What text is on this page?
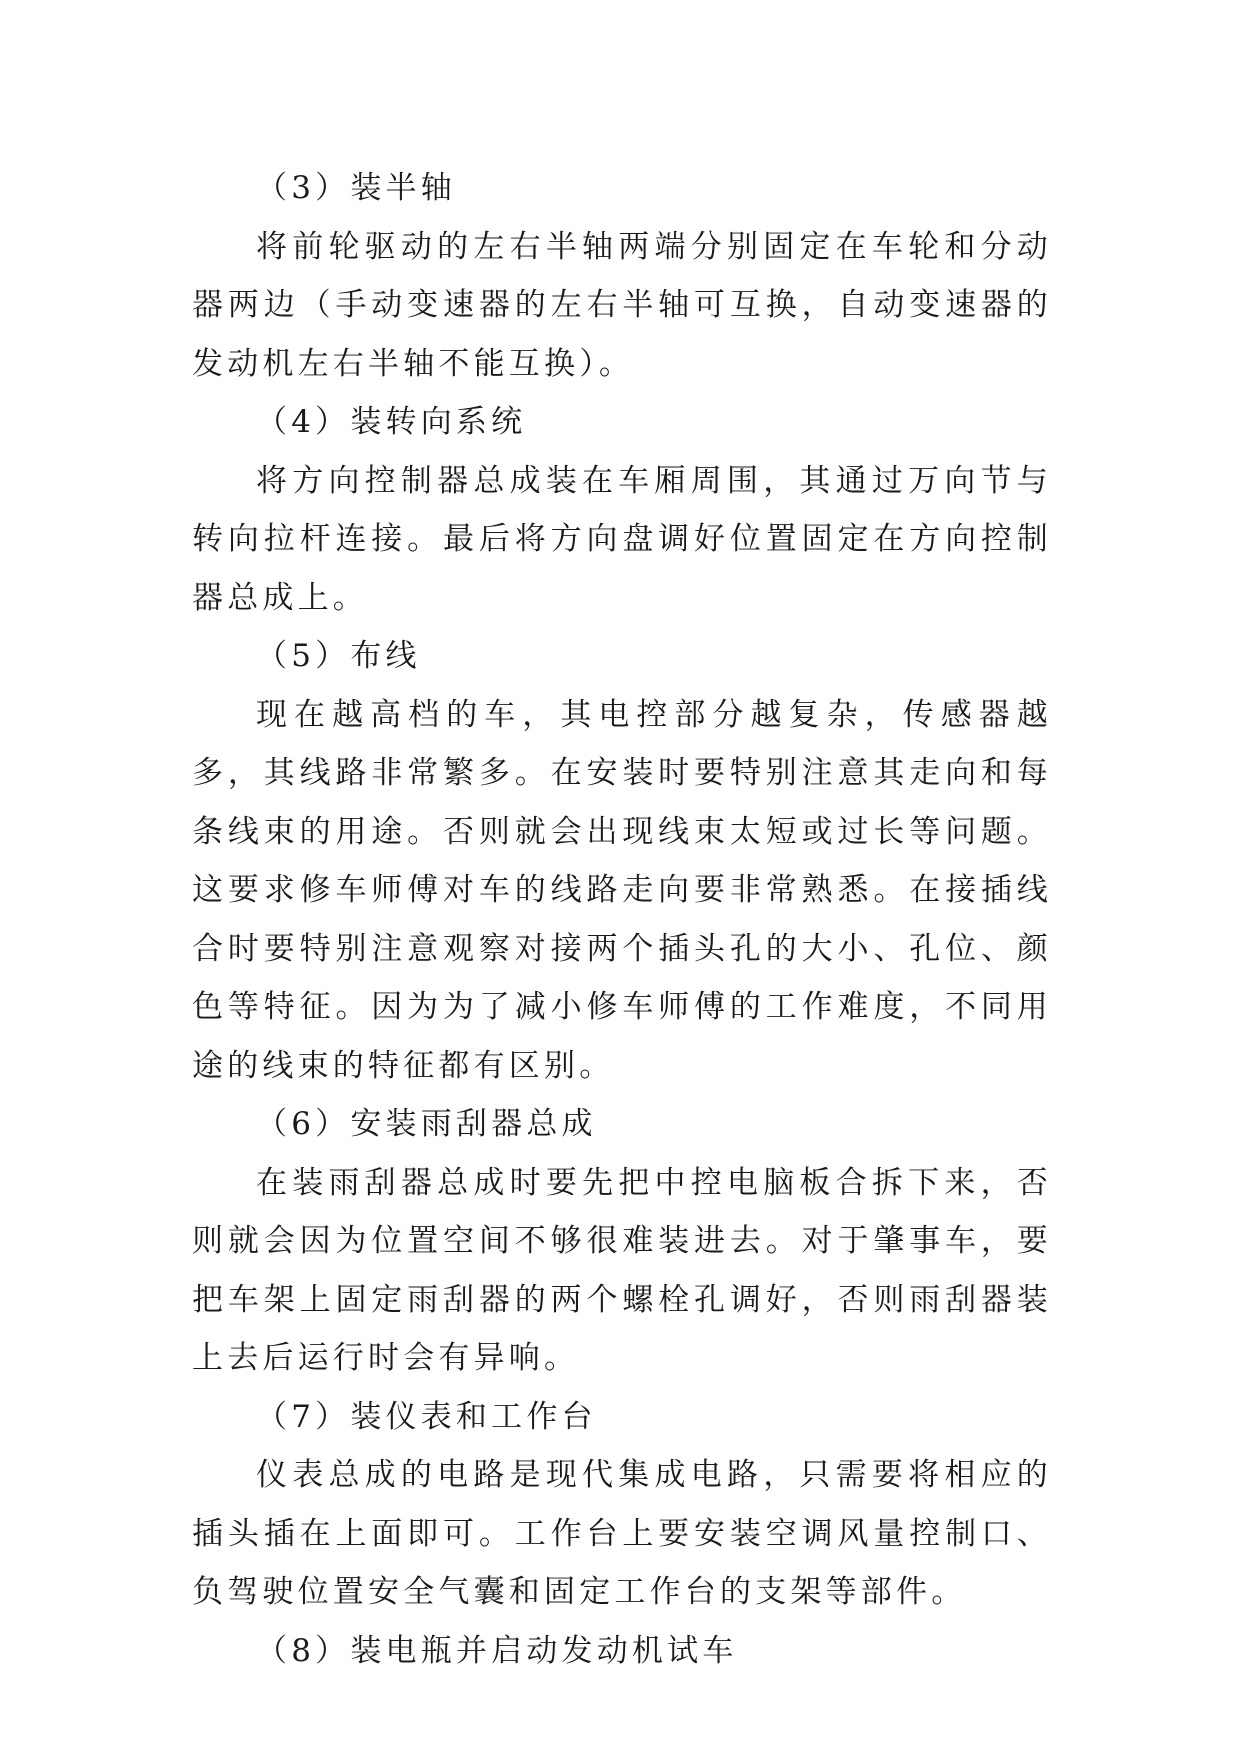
（3）装半轴

将前轮驱动的左右半轴两端分别固定在车轮和分动器两边（手动变速器的左右半轴可互换，自动变速器的发动机左右半轴不能互换）。

（4）装转向系统

将方向控制器总成装在车厢周围，其通过万向节与转向拉杆连接。最后将方向盘调好位置固定在方向控制器总成上。

（5）布线

现在越高档的车，其电控部分越复杂，传感器越多，其线路非常繁多。在安装时要特别注意其走向和每条线束的用途。否则就会出现线束太短或过长等问题。这要求修车师傅对车的线路走向要非常熟悉。在接插线合时要特别注意观察对接两个插头孔的大小、孔位、颜色等特征。因为为了减小修车师傅的工作难度，不同用途的线束的特征都有区别。

（6）安装雨刮器总成

在装雨刮器总成时要先把中控电脑板合拆下来，否则就会因为位置空间不够很难装进去。对于肇事车，要把车架上固定雨刮器的两个螺栓孔调好，否则雨刮器装上去后运行时会有异响。

（7）装仪表和工作台

仪表总成的电路是现代集成电路，只需要将相应的插头插在上面即可。工作台上要安装空调风量控制口、负驾驶位置安全气囊和固定工作台的支架等部件。

（8）装电瓶并启动发动机试车
